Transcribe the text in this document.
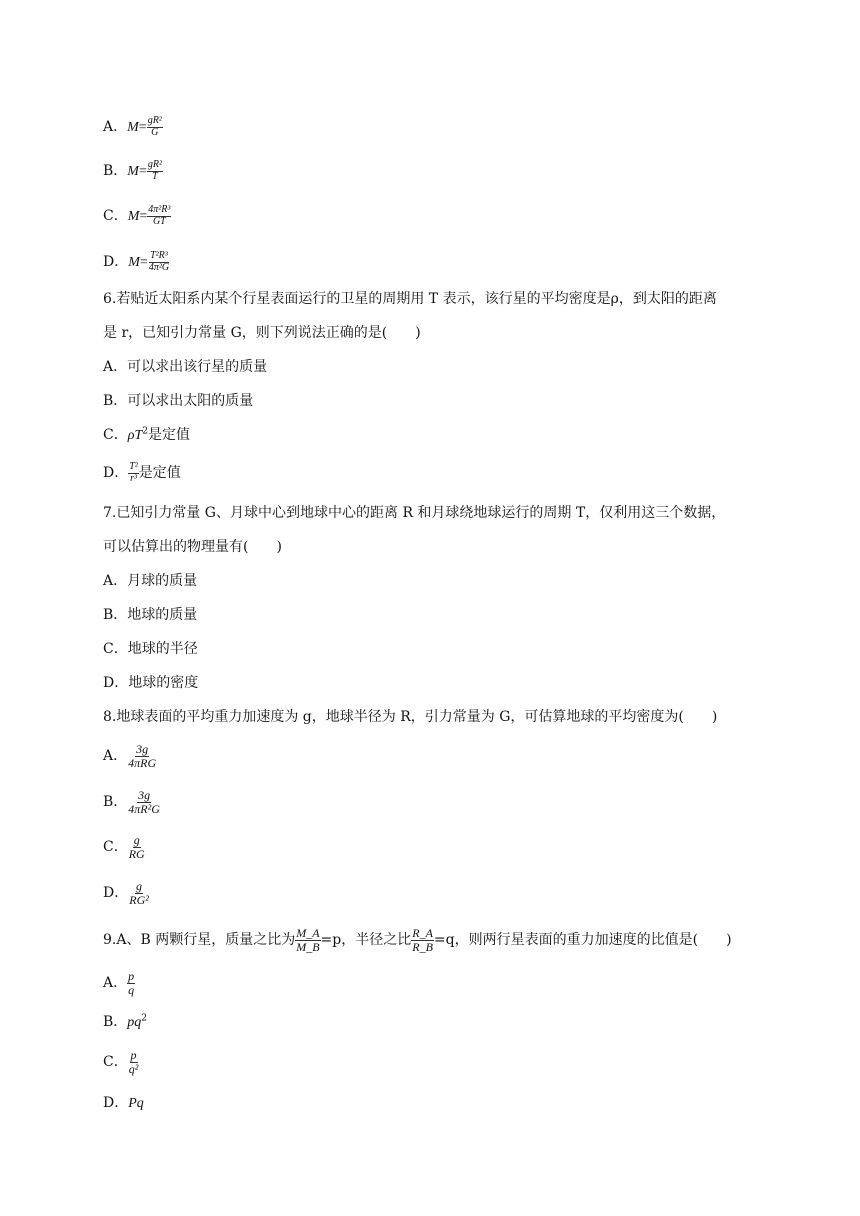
A．$M= \frac{\text{gR²}}{G}$
B．$M= \frac{\text{gR²}}{T}$
C．$M= \frac{\text{4π²R³}}{GT}$
D．$M= \frac{\text{T²R³}}{\text{4π²G}}$
6.若贴近太阳系内某个行星表面运行的卫星的周期用 T 表示，该行星的平均密度是ρ，到太阳的距离
是 r，已知引力常量 G，则下列说法正确的是(　　)
A．可以求出该行星的质量
B．可以求出太阳的质量
C．$\rho T^2$是定值
D． $\frac{\text{T²}}{\text{r³}}$ 是定值
7.已知引力常量 G、月球中心到地球中心的距离 R 和月球绕地球运行的周期 T，仅利用这三个数据，
可以估算出的物理量有(　　)
A．月球的质量
B．地球的质量
C．地球的半径
D．地球的密度
8.地球表面的平均重力加速度为 g，地球半径为 R，引力常量为 G，可估算地球的平均密度为(　　)
A． $\frac{3g}{\text{4πRG}}$
B． $\frac{3g}{\text{4πR²G}}$
C． $\frac{g}{RG}$
D． $\frac{g}{\text{RG²}}$
9.A、B 两颗行星，质量之比为 $\frac{M\_A}{M\_B} =p$，半径之比 $\frac{R\_A}{R\_B} =q$，则两行星表面的重力加速度的比值是(　　)
A． $\frac{p}{q}$
B．$pq^2$
C． $\frac{p}{\text{q²}}$
D．Pq
